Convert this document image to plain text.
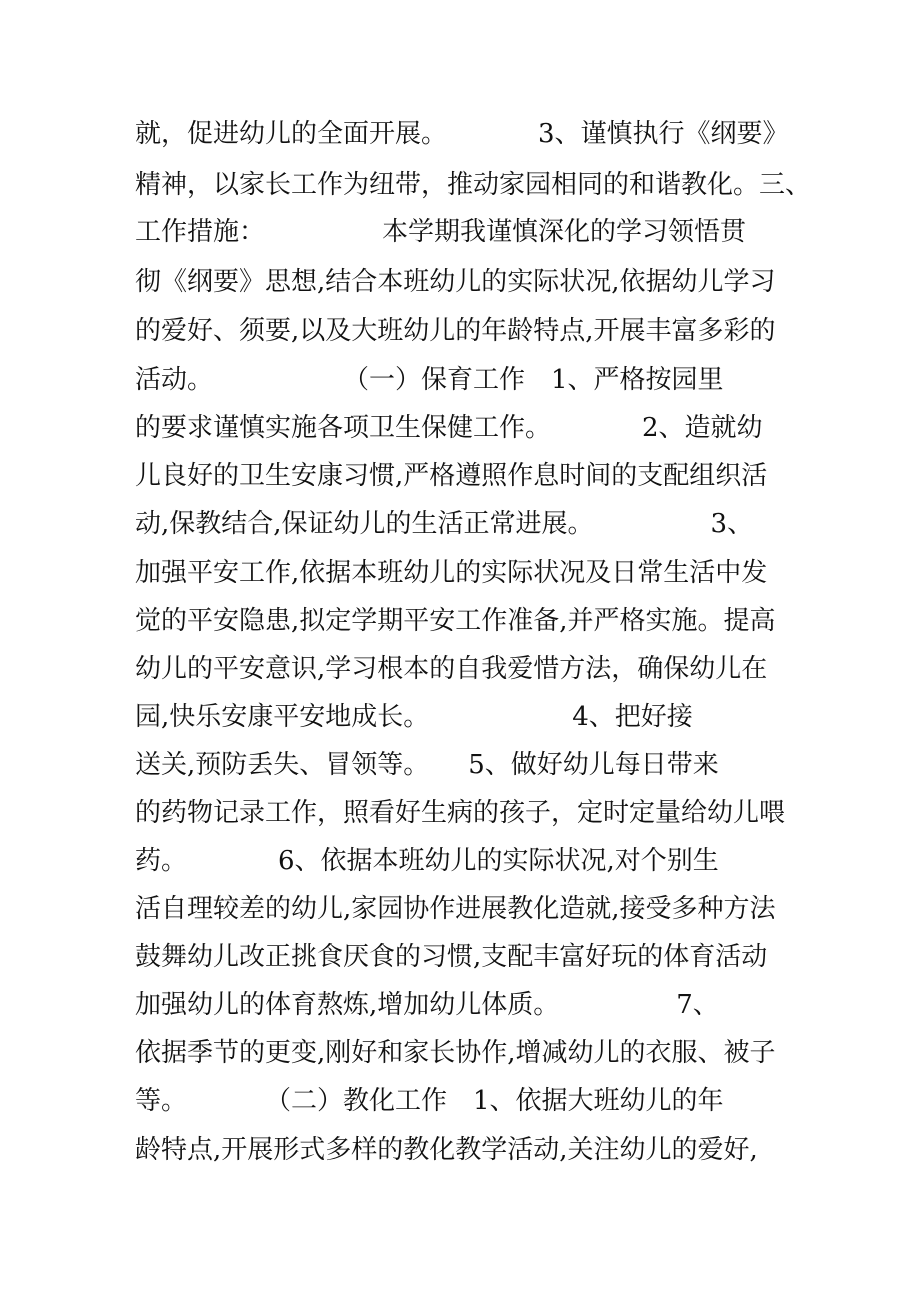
就，促进幼儿的全面开展。　　　　3、谨慎执行《纲要》
精神，以家长工作为纽带，推动家园相同的和谐教化。三、
工作措施：　　　　　本学期我谨慎深化的学习领悟贯
彻《纲要》思想,结合本班幼儿的实际状况,依据幼儿学习
的爱好、须要,以及大班幼儿的年龄特点,开展丰富多彩的
活动。　　　　　　（一）保育工作　1、严格按园里
的要求谨慎实施各项卫生保健工作。　　　　2、造就幼
儿良好的卫生安康习惯,严格遵照作息时间的支配组织活
动,保教结合,保证幼儿的生活正常进展。　　　　　3、
加强平安工作,依据本班幼儿的实际状况及日常生活中发
觉的平安隐患,拟定学期平安工作准备,并严格实施。提高
幼儿的平安意识,学习根本的自我爱惜方法，确保幼儿在
园,快乐安康平安地成长。　　　　　　4、把好接
送关,预防丢失、冒领等。　　5、做好幼儿每日带来
的药物记录工作，照看好生病的孩子，定时定量给幼儿喂
药。　　　　6、依据本班幼儿的实际状况,对个别生
活自理较差的幼儿,家园协作进展教化造就,接受多种方法
鼓舞幼儿改正挑食厌食的习惯,支配丰富好玩的体育活动
加强幼儿的体育熬炼,增加幼儿体质。　　　　　7、
依据季节的更变,刚好和家长协作,增减幼儿的衣服、被子
等。　　　　（二）教化工作　1、依据大班幼儿的年
龄特点,开展形式多样的教化教学活动,关注幼儿的爱好,
